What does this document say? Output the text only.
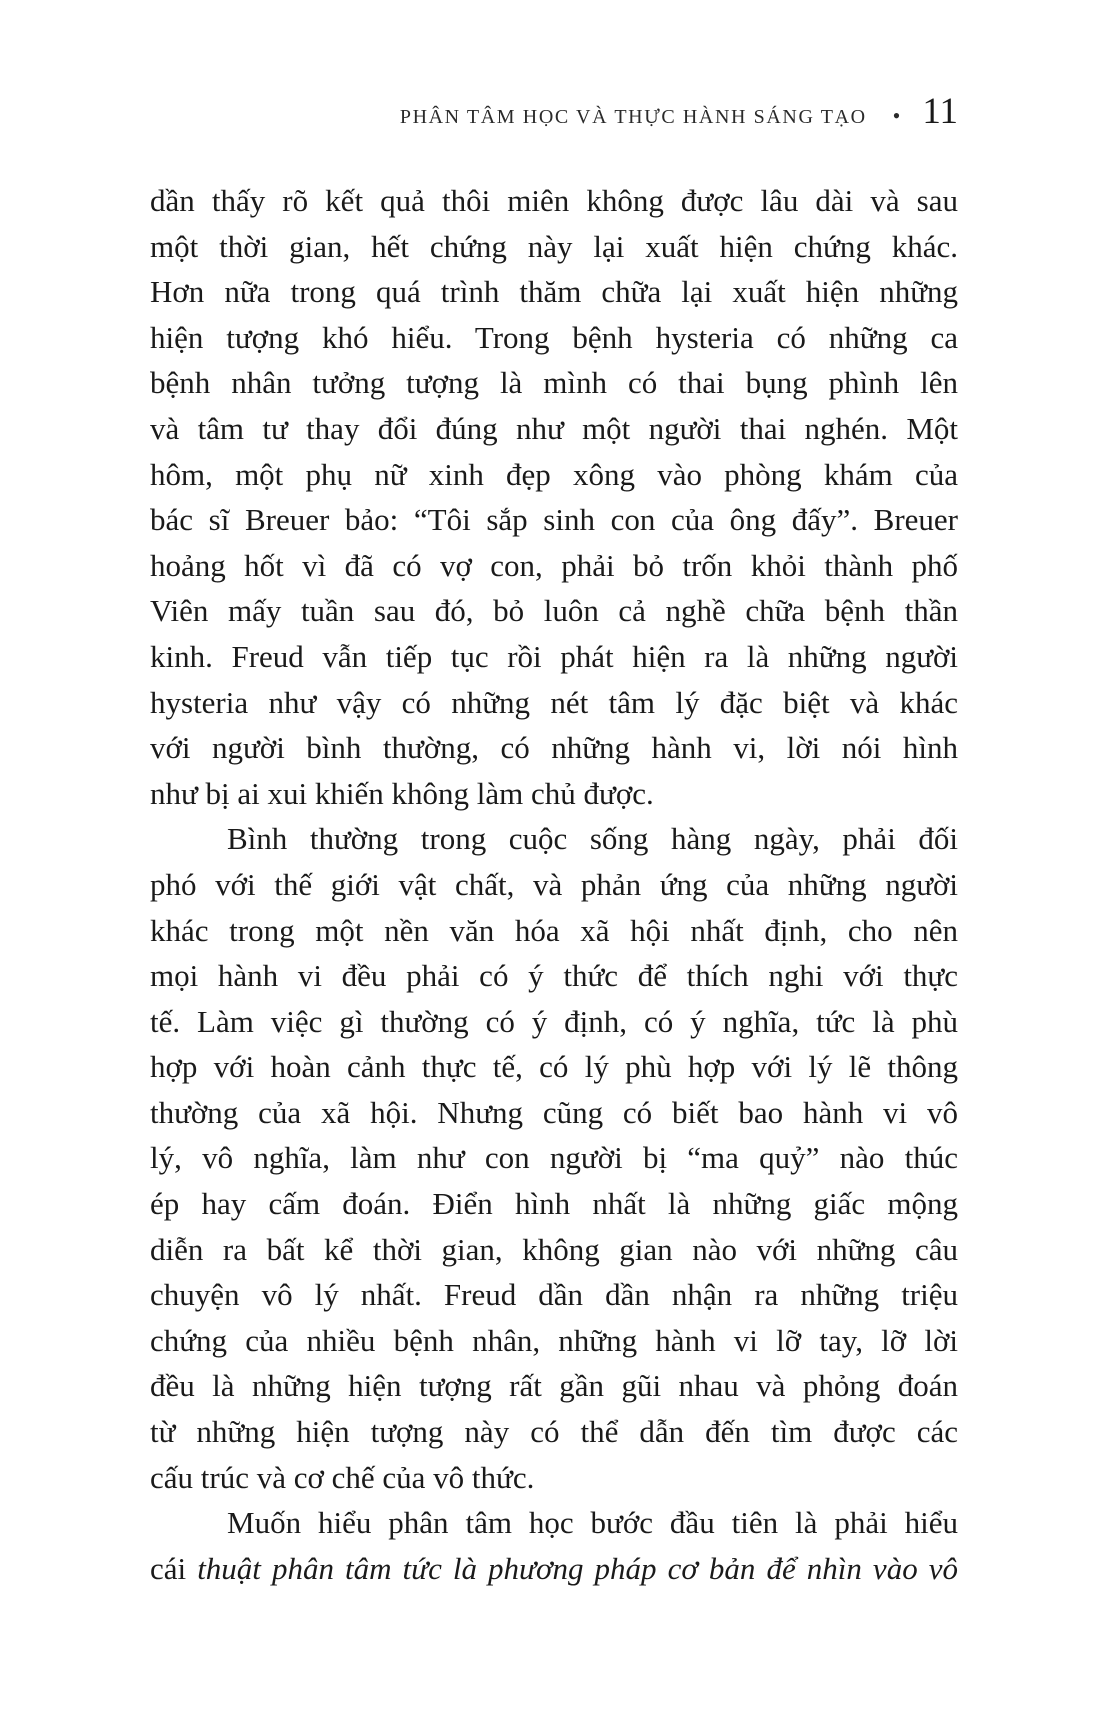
PHÂN TÂM HỌC VÀ THỰC HÀNH SÁNG TẠO • 11

dần thấy rõ kết quả thôi miên không được lâu dài và sau
một thời gian, hết chứng này lại xuất hiện chứng khác.
Hơn nữa trong quá trình thăm chữa lại xuất hiện những
hiện tượng khó hiểu. Trong bệnh hysteria có những ca
bệnh nhân tưởng tượng là mình có thai bụng phình lên
và tâm tư thay đổi đúng như một người thai nghén. Một
hôm, một phụ nữ xinh đẹp xông vào phòng khám của
bác sĩ Breuer bảo: “Tôi sắp sinh con của ông đấy”. Breuer
hoảng hốt vì đã có vợ con, phải bỏ trốn khỏi thành phố
Viên mấy tuần sau đó, bỏ luôn cả nghề chữa bệnh thần
kinh. Freud vẫn tiếp tục rồi phát hiện ra là những người
hysteria như vậy có những nét tâm lý đặc biệt và khác
với người bình thường, có những hành vi, lời nói hình
như bị ai xui khiến không làm chủ được.

Bình thường trong cuộc sống hàng ngày, phải đối
phó với thế giới vật chất, và phản ứng của những người
khác trong một nền văn hóa xã hội nhất định, cho nên
mọi hành vi đều phải có ý thức để thích nghi với thực
tế. Làm việc gì thường có ý định, có ý nghĩa, tức là phù
hợp với hoàn cảnh thực tế, có lý phù hợp với lý lẽ thông
thường của xã hội. Nhưng cũng có biết bao hành vi vô
lý, vô nghĩa, làm như con người bị “ma quỷ” nào thúc
ép hay cấm đoán. Điển hình nhất là những giấc mộng
diễn ra bất kể thời gian, không gian nào với những câu
chuyện vô lý nhất. Freud dần dần nhận ra những triệu
chứng của nhiều bệnh nhân, những hành vi lỡ tay, lỡ lời
đều là những hiện tượng rất gần gũi nhau và phỏng đoán
từ những hiện tượng này có thể dẫn đến tìm được các
cấu trúc và cơ chế của vô thức.

Muốn hiểu phân tâm học bước đầu tiên là phải hiểu
cái thuật phân tâm tức là phương pháp cơ bản để nhìn vào vô
